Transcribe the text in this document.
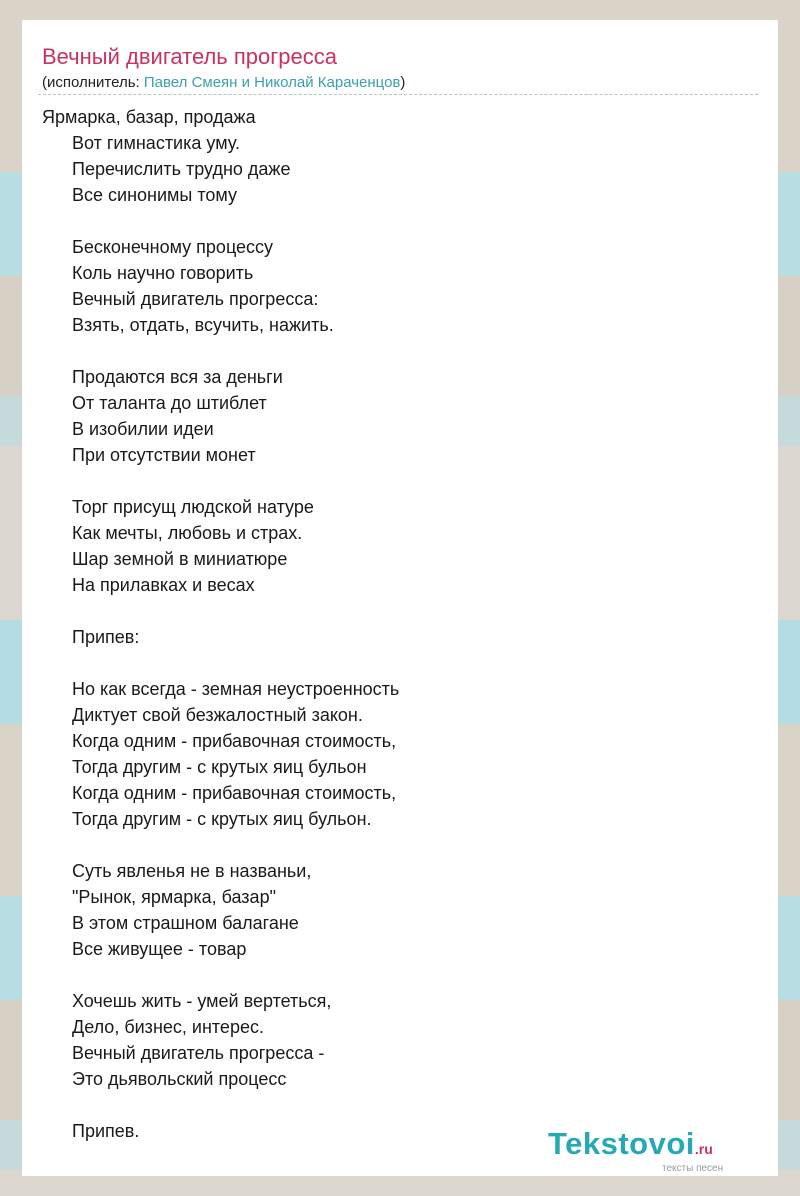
Вечный двигатель прогресса
(исполнитель: Павел Смеян и Николай Караченцов)
Ярмарка, базар, продажа
Вот гимнастика уму.
Перечислить трудно даже
Все синонимы тому
Бесконечному процессу
Коль научно говорить
Вечный двигатель прогресса:
Взять, отдать, всучить, нажить.
Продаются вся за деньги
От таланта до штиблет
В изобилии идеи
При отсутствии монет
Торг присущ людской натуре
Как мечты, любовь и страх.
Шар земной в миниатюре
На прилавках и весах
Припев:
Но как всегда - земная неустроенность
Диктует свой безжалостный закон.
Когда одним - прибавочная стоимость,
Тогда другим - с крутых яиц бульон
Когда одним - прибавочная стоимость,
Тогда другим - с крутых яиц бульон.
Суть явленья не в названьи,
"Рынок, ярмарка, базар"
В этом страшном балагане
Все живущее - товар
Хочешь жить - умей вертеться,
Дело, бизнес, интерес.
Вечный двигатель прогресса -
Это дьявольский процесс
Припев.	Tekstovoi.ru
тексты песен
